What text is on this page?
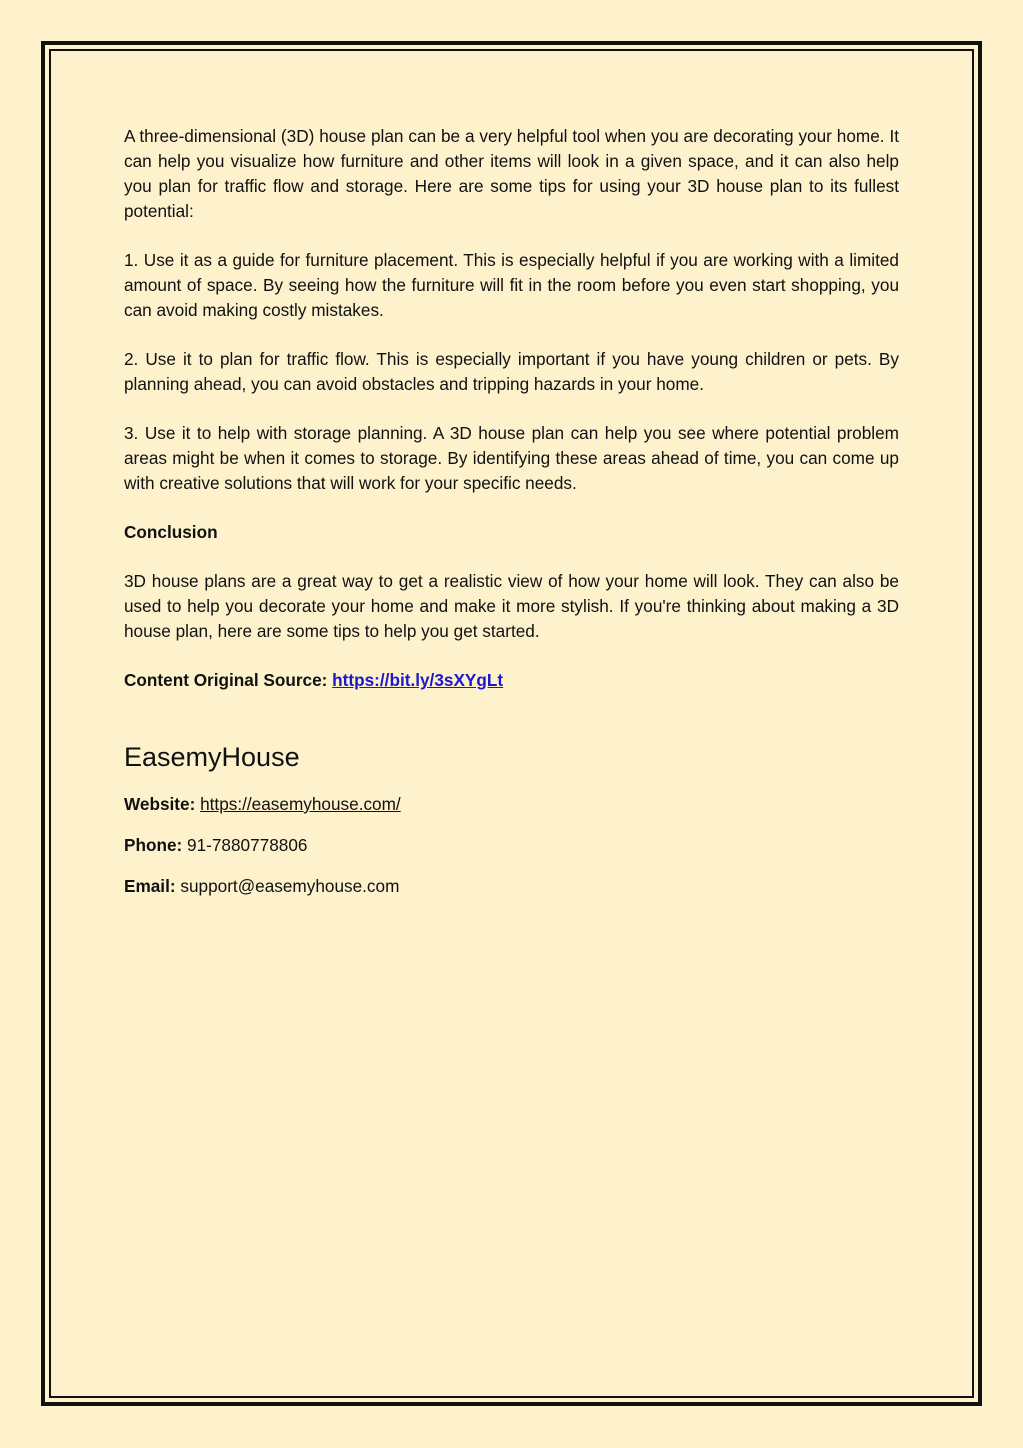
A three-dimensional (3D) house plan can be a very helpful tool when you are decorating your home. It can help you visualize how furniture and other items will look in a given space, and it can also help you plan for traffic flow and storage. Here are some tips for using your 3D house plan to its fullest potential:

1. Use it as a guide for furniture placement. This is especially helpful if you are working with a limited amount of space. By seeing how the furniture will fit in the room before you even start shopping, you can avoid making costly mistakes.

2. Use it to plan for traffic flow. This is especially important if you have young children or pets. By planning ahead, you can avoid obstacles and tripping hazards in your home.

3. Use it to help with storage planning. A 3D house plan can help you see where potential problem areas might be when it comes to storage. By identifying these areas ahead of time, you can come up with creative solutions that will work for your specific needs.

Conclusion

3D house plans are a great way to get a realistic view of how your home will look. They can also be used to help you decorate your home and make it more stylish. If you're thinking about making a 3D house plan, here are some tips to help you get started.

Content Original Source: https://bit.ly/3sXYgLt

EasemyHouse

Website: https://easemyhouse.com/

Phone: 91-7880778806

Email: support@easemyhouse.com
